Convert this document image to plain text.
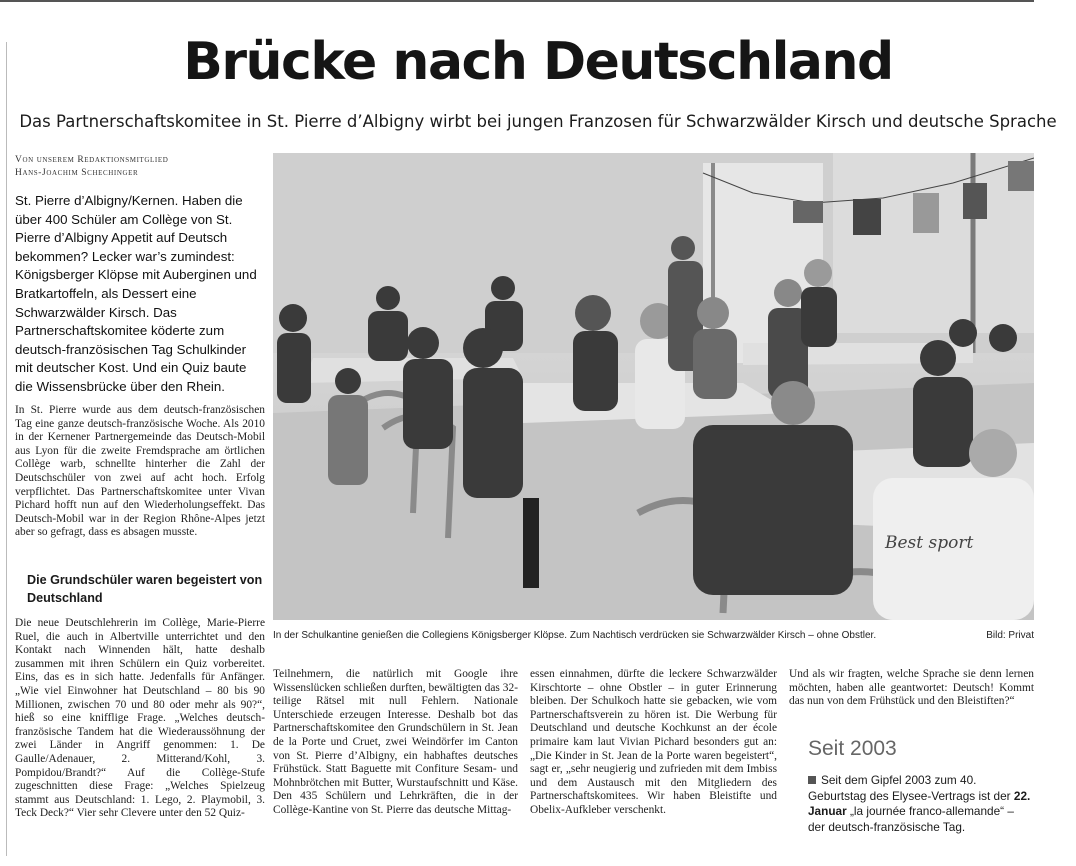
Brücke nach Deutschland
Das Partnerschaftskomitee in St. Pierre d’Albigny wirbt bei jungen Franzosen für Schwarzwälder Kirsch und deutsche Sprache
Von unserem Redaktionsmitglied
Hans-Joachim Schechinger

St. Pierre d’Albigny/Kernen. Haben die über 400 Schüler am Collège von St. Pierre d’Albigny Appetit auf Deutsch bekommen? Lecker war’s zumindest: Königsberger Klöpse mit Auberginen und Bratkartoffeln, als Dessert eine Schwarzwälder Kirsch. Das Partnerschaftskomitee köderte zum deutsch-französischen Tag Schulkinder mit deutscher Kost. Und ein Quiz baute die Wissensbrücke über den Rhein.

In St. Pierre wurde aus dem deutsch-französischen Tag eine ganze deutsch-französische Woche. Als 2010 in der Kernener Partnergemeinde das Deutsch-Mobil aus Lyon für die zweite Fremdsprache am örtlichen Collège warb, schnellte hinterher die Zahl der Deutschschüler von zwei auf acht hoch. Erfolg verpflichtet. Das Partnerschaftskomitee unter Vivan Pichard hofft nun auf den Wiederholungseffekt. Das Deutsch-Mobil war in der Region Rhône-Alpes jetzt aber so gefragt, dass es absagen musste.

Die Grundschüler waren begeistert von Deutschland

Die neue Deutschlehrerin im Collège, Marie-Pierre Ruel, die auch in Albertville unterrichtet und den Kontakt nach Winnenden hält, hatte deshalb zusammen mit ihren Schülern ein Quiz vorbereitet. Eins, das es in sich hatte. Jedenfalls für Anfänger. „Wie viel Einwohner hat Deutschland – 80 bis 90 Millionen, zwischen 70 und 80 oder mehr als 90?“, hieß so eine knifflige Frage. „Welches deutsch-französische Tandem hat die Wiederaussöhnung der zwei Länder in Angriff genommen: 1. De Gaulle/Adenauer, 2. Mitterand/Kohl, 3. Pompidou/Brandt?“ Auf die Collège-Stufe zugeschnitten diese Frage: „Welches Spielzeug stammt aus Deutschland: 1. Lego, 2. Playmobil, 3. Teck Deck?“ Vier sehr Clevere unter den 52 Quiz-

Best sport
In der Schulkantine genießen die Collegiens Königsberger Klöpse. Zum Nachtisch verdrücken sie Schwarzwälder Kirsch – ohne Obstler.	Bild: Privat

Teilnehmern, die natürlich mit Google ihre Wissenslücken schließen durften, bewältigten das 32-teilige Rätsel mit null Fehlern. Nationale Unterschiede erzeugen Interesse. Deshalb bot das Partnerschaftskomitee den Grundschülern in St. Jean de la Porte und Cruet, zwei Weindörfer im Canton von St. Pierre d’Albigny, ein habhaftes deutsches Frühstück. Statt Baguette mit Confiture Sesam- und Mohnbrötchen mit Butter, Wurstaufschnitt und Käse. Den 435 Schülern und Lehrkräften, die in der Collège-Kantine von St. Pierre das deutsche Mittag-

essen einnahmen, dürfte die leckere Schwarzwälder Kirschtorte – ohne Obstler – in guter Erinnerung bleiben. Der Schulkoch hatte sie gebacken, wie vom Partnerschaftsverein zu hören ist. Die Werbung für Deutschland und deutsche Kochkunst an der école primaire kam laut Vivian Pichard besonders gut an: „Die Kinder in St. Jean de la Porte waren begeistert“, sagt er, „sehr neugierig und zufrieden mit dem Imbiss und dem Austausch mit den Mitgliedern des Partnerschaftskomitees. Wir haben Bleistifte und Obelix-Aufkleber verschenkt.

Und als wir fragten, welche Sprache sie denn lernen möchten, haben alle geantwortet: Deutsch! Kommt das nun von dem Frühstück und den Bleistiften?“

Seit 2003

Seit dem Gipfel 2003 zum 40. Geburtstag des Elysee-Vertrags ist der 22. Januar „la journée franco-allemande“ – der deutsch-französische Tag.
